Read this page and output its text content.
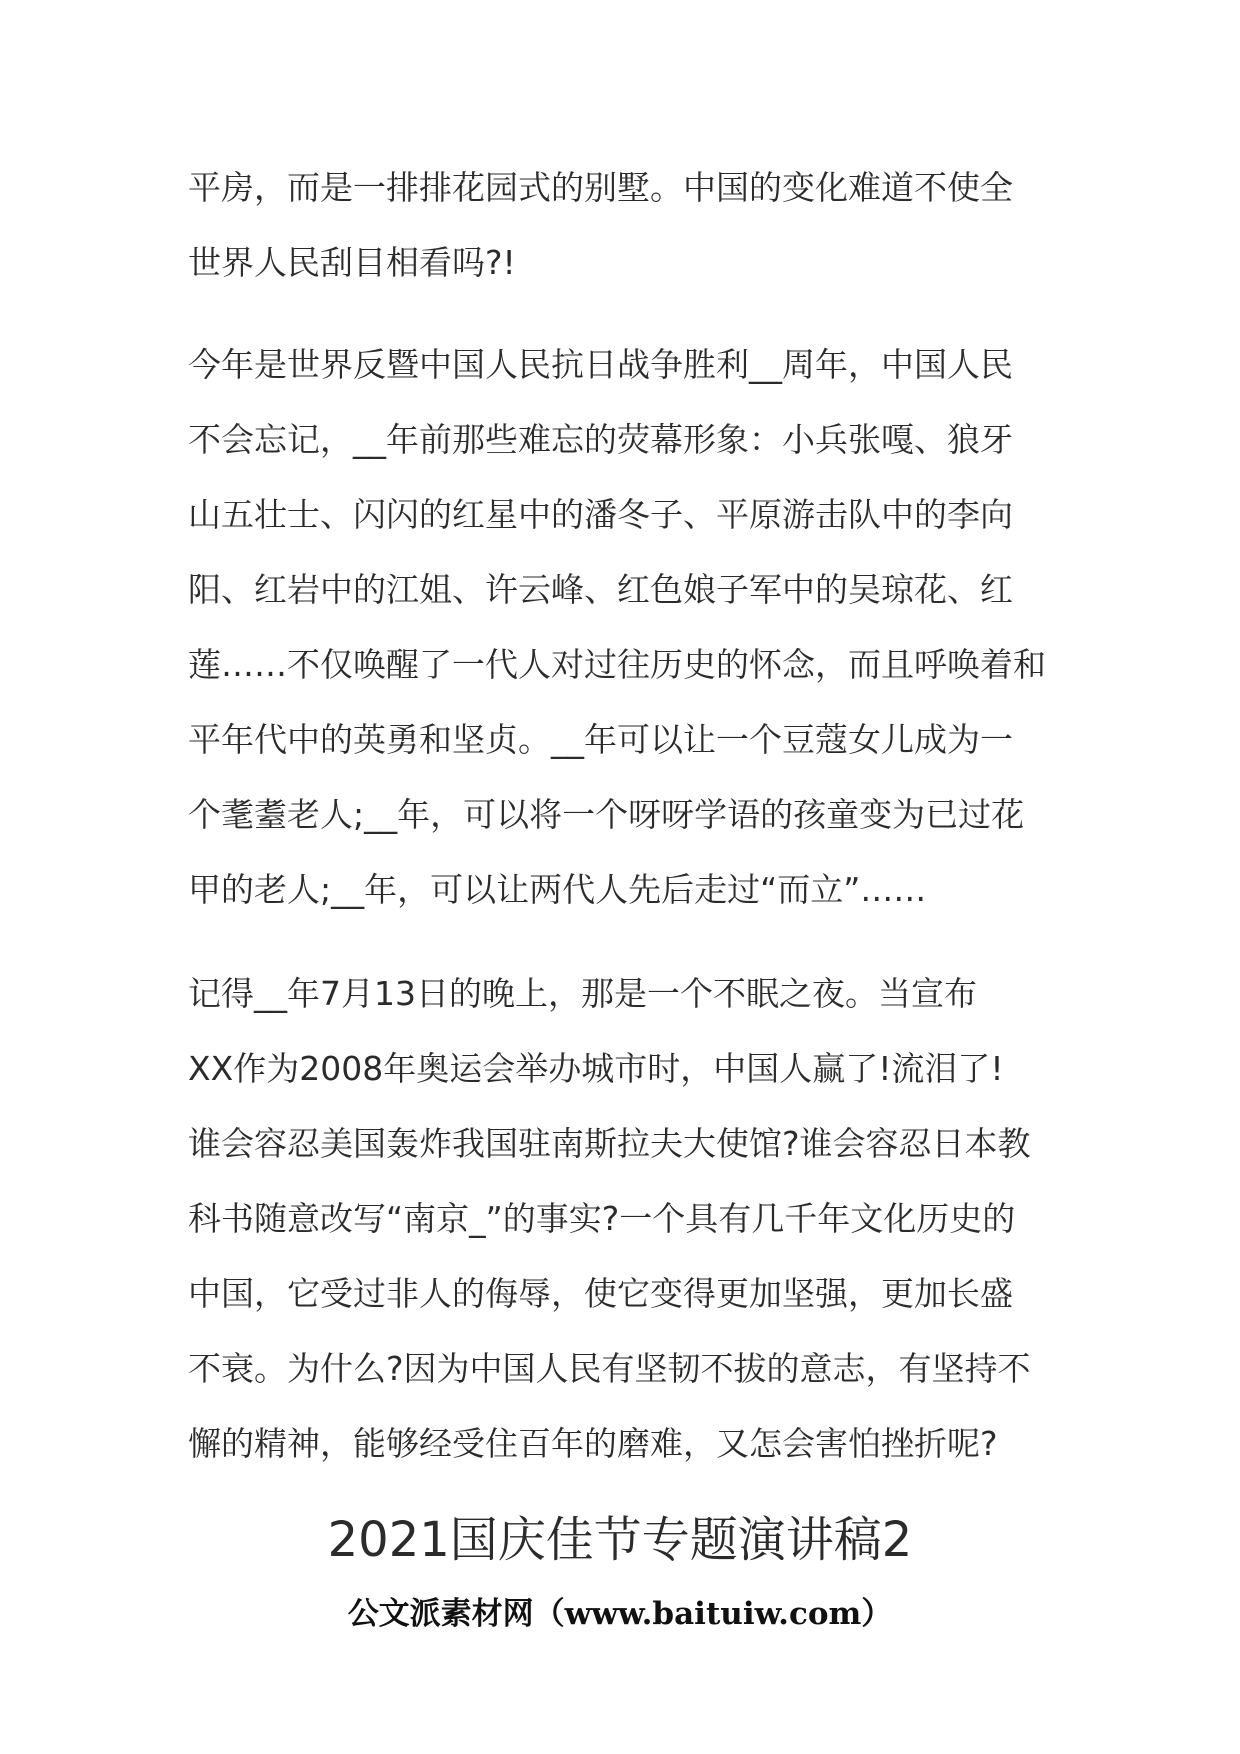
平房，而是一排排花园式的别墅。中国的变化难道不使全
世界人民刮目相看吗?!

今年是世界反暨中国人民抗日战争胜利__周年，中国人民
不会忘记，__年前那些难忘的荧幕形象：小兵张嘎、狼牙
山五壮士、闪闪的红星中的潘冬子、平原游击队中的李向
阳、红岩中的江姐、许云峰、红色娘子军中的吴琼花、红
莲……不仅唤醒了一代人对过往历史的怀念，而且呼唤着和
平年代中的英勇和坚贞。__年可以让一个豆蔻女儿成为一
个耄耋老人;__年，可以将一个呀呀学语的孩童变为已过花
甲的老人;__年，可以让两代人先后走过“而立”……

记得__年7月13日的晚上，那是一个不眠之夜。当宣布
XX作为2008年奥运会举办城市时，中国人赢了!流泪了!
谁会容忍美国轰炸我国驻南斯拉夫大使馆?谁会容忍日本教
科书随意改写“南京_”的事实?一个具有几千年文化历史的
中国，它受过非人的侮辱，使它变得更加坚强，更加长盛
不衰。为什么?因为中国人民有坚韧不拔的意志，有坚持不
懈的精神，能够经受住百年的磨难，又怎会害怕挫折呢?

2021国庆佳节专题演讲稿2

公文派素材网（www.baituiw.com）
